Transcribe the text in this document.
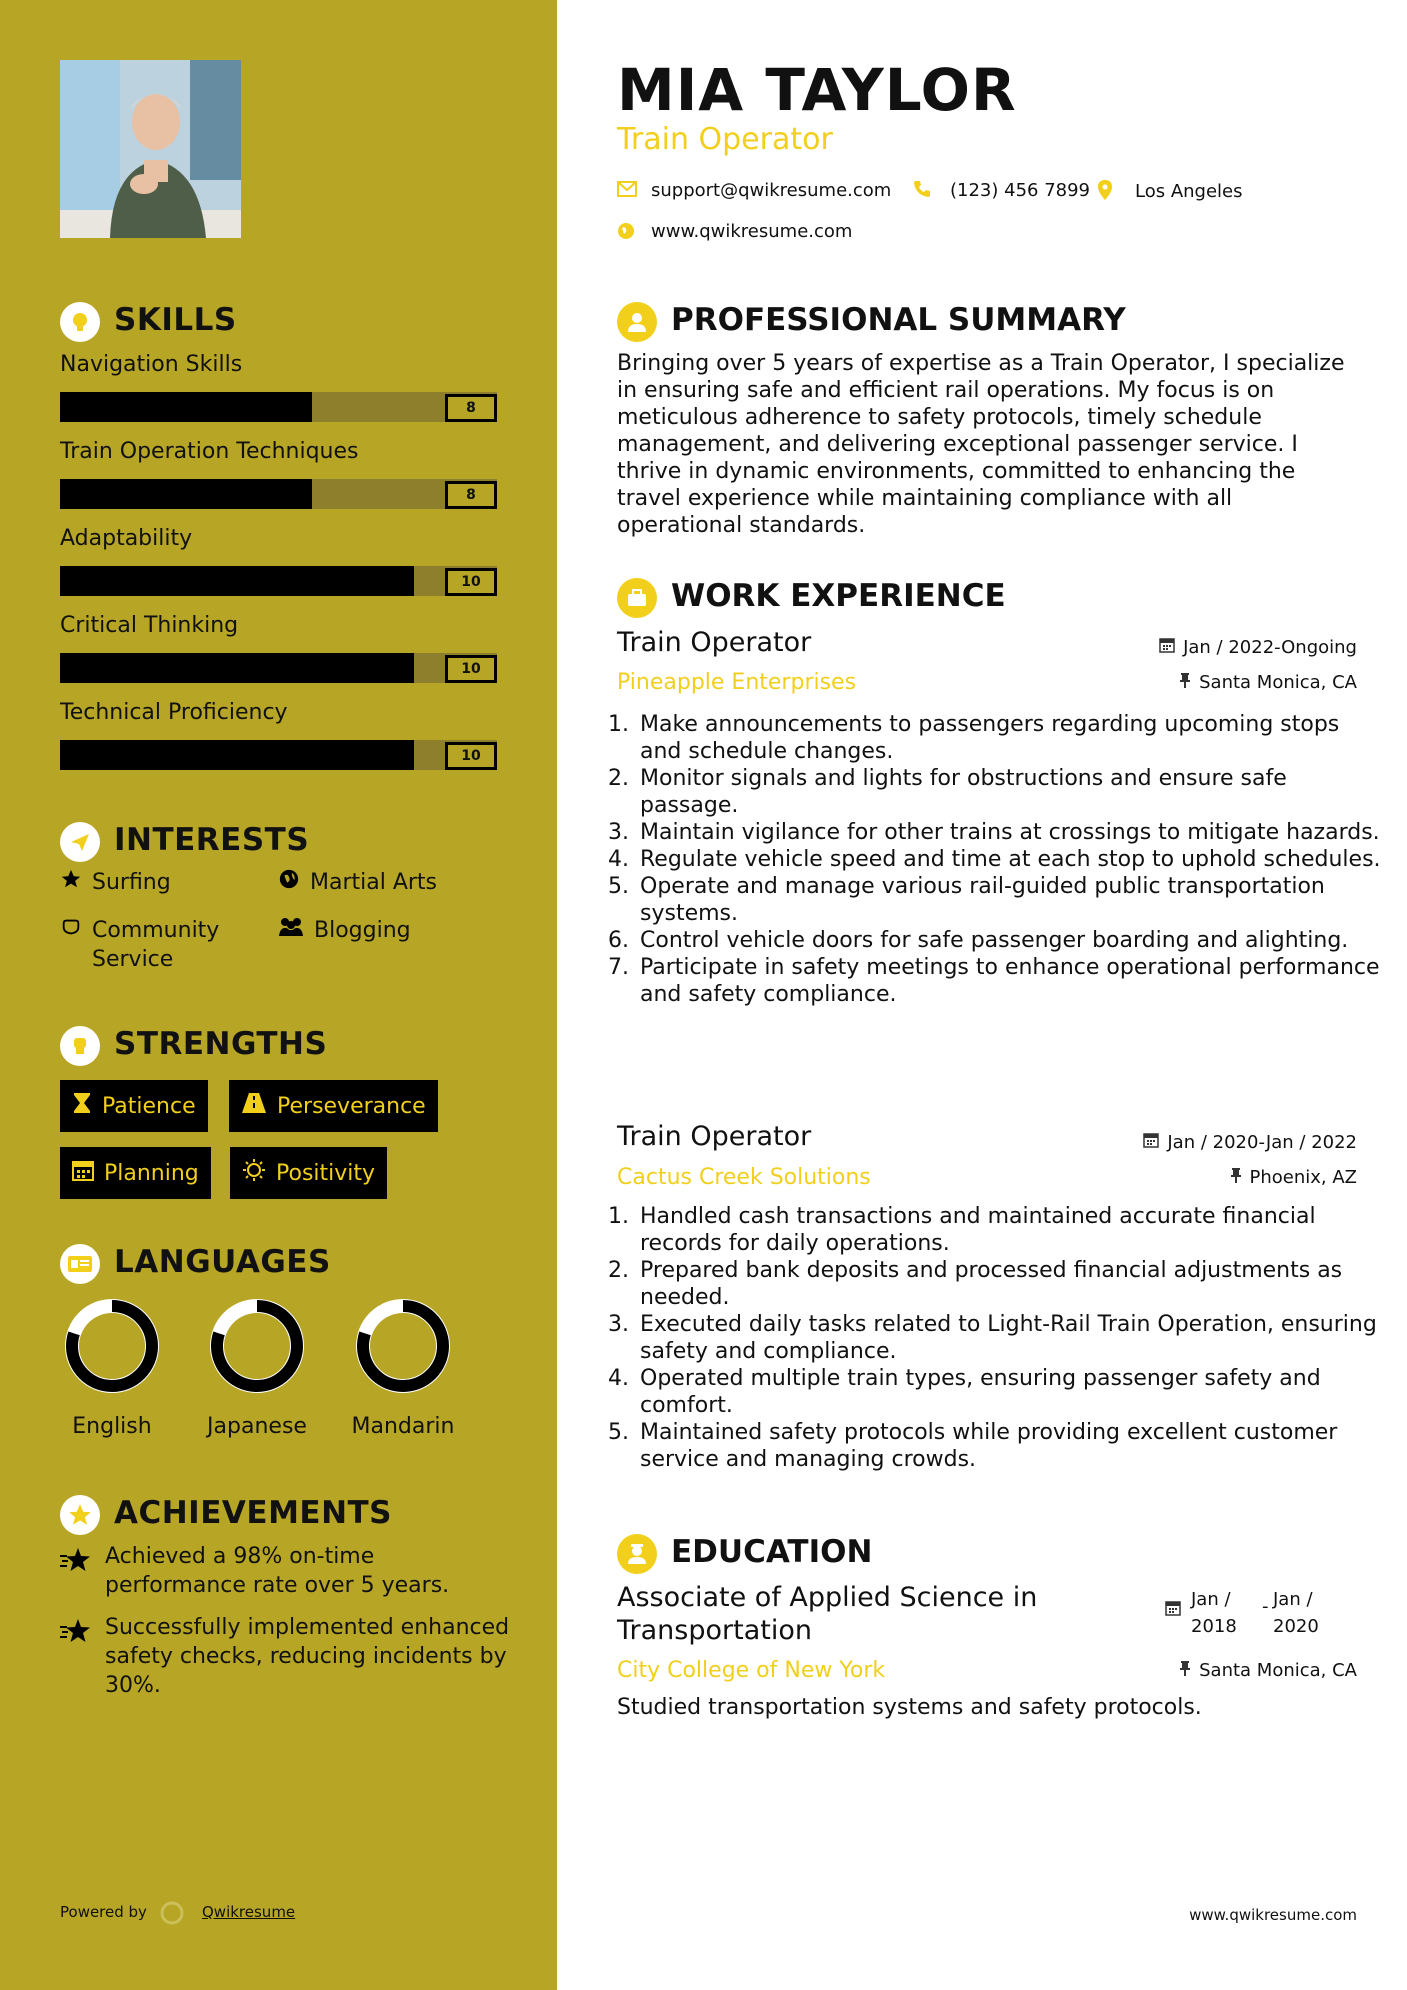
SKILLS
INTERESTS
Surfing	Martial Arts
Community Service
Blogging
STRENGTHS
Patience	Perseverance
Planning	Positivity
LANGUAGES
ACHIEVEMENTS
Achieved a 98% on-time performance rate over 5 years.
Successfully implemented enhanced safety checks, reducing incidents by 30%.
Powered by	Qwikresume
Navigation Skills
8
Train Operation Techniques
8
Adaptability
10
Critical Thinking
10
Technical Proficiency
10
English	Japanese	Mandarin
MIA TAYLOR
Train Operator
support@qwikresume.com	(123) 456 7899 Los Angeles
www.qwikresume.com
PROFESSIONAL SUMMARY
Bringing over 5 years of expertise as a Train Operator, I specialize in ensuring safe and efficient rail operations. My focus is on meticulous adherence to safety protocols, timely schedule management, and delivering exceptional passenger service. I thrive in dynamic environments, committed to enhancing the travel experience while maintaining compliance with all operational standards.
WORK EXPERIENCE
Train Operator	Jan / 2022-Ongoing
Pineapple Enterprises	Santa Monica, CA
1. Make announcements to passengers regarding upcoming stops and schedule changes.
2. Monitor signals and lights for obstructions and ensure safe passage.
3. Maintain vigilance for other trains at crossings to mitigate hazards.
4. Regulate vehicle speed and time at each stop to uphold schedules.
5. Operate and manage various rail-guided public transportation systems.
6. Control vehicle doors for safe passenger boarding and alighting.
7. Participate in safety meetings to enhance operational performance and safety compliance.
Train Operator	Jan / 2020-Jan / 2022
Cactus Creek Solutions	Phoenix, AZ
1. Handled cash transactions and maintained accurate financial records for daily operations.
2. Prepared bank deposits and processed financial adjustments as needed.
3. Executed daily tasks related to Light-Rail Train Operation, ensuring safety and compliance.
4. Operated multiple train types, ensuring passenger safety and comfort.
5. Maintained safety protocols while providing excellent customer service and managing crowds.
EDUCATION
Associate of Applied Science in Transportation
Jan / 2018
- Jan / 2020
City College of New York	Santa Monica, CA
Studied transportation systems and safety protocols.
www.qwikresume.com
